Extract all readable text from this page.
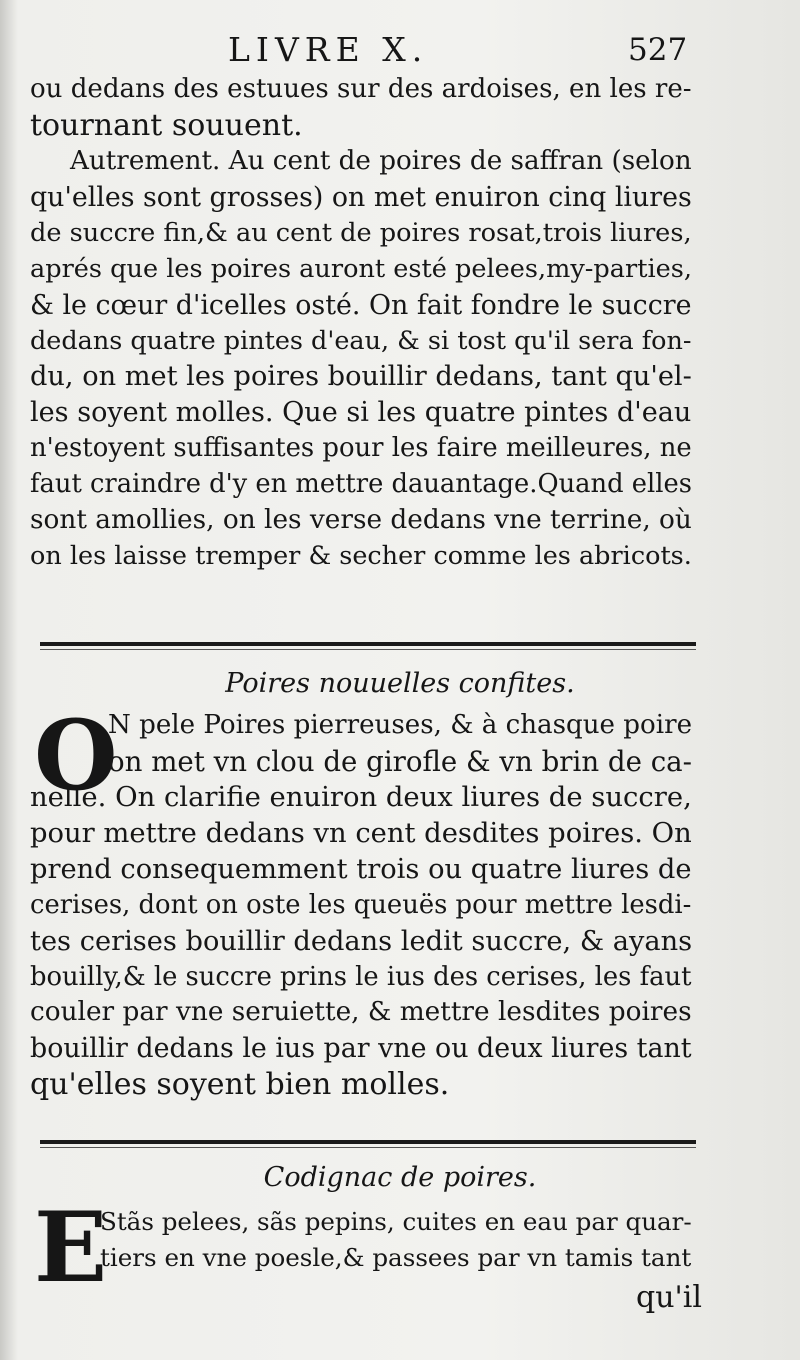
LIVRE X.	527

ou dedans des estuues sur des ardoises, en les re-
tournant souuent.

Autrement. Au cent de poires de saffran (selon
qu'elles sont grosses) on met enuiron cinq liures
de succre fin,& au cent de poires rosat,trois liures,
aprés que les poires auront esté pelees,my-parties,
& le cœur d'icelles osté. On fait fondre le succre
dedans quatre pintes d'eau, & si tost qu'il sera fon-
du, on met les poires bouillir dedans, tant qu'el-
les soyent molles. Que si les quatre pintes d'eau
n'estoyent suffisantes pour les faire meilleures, ne
faut craindre d'y en mettre dauantage.Quand elles
sont amollies, on les verse dedans vne terrine, où
on les laisse tremper & secher comme les abricots.

Poires nouuelles confites.
O

N pele Poires pierreuses, & à chasque poire
on met vn clou de girofle & vn brin de ca-

nelle. On clarifie enuiron deux liures de succre,
pour mettre dedans vn cent desdites poires. On
prend consequemment trois ou quatre liures de
cerises, dont on oste les queuës pour mettre lesdi-
tes cerises bouillir dedans ledit succre, & ayans
bouilly,& le succre prins le ius des cerises, les faut
couler par vne seruiette, & mettre lesdites poires
bouillir dedans le ius par vne ou deux liures tant
qu'elles soyent bien molles.

Codignac de poires.
E

Stãs pelees, sãs pepins, cuites en eau par quar-
tiers en vne poesle,& passees par vn tamis tant

qu'il
